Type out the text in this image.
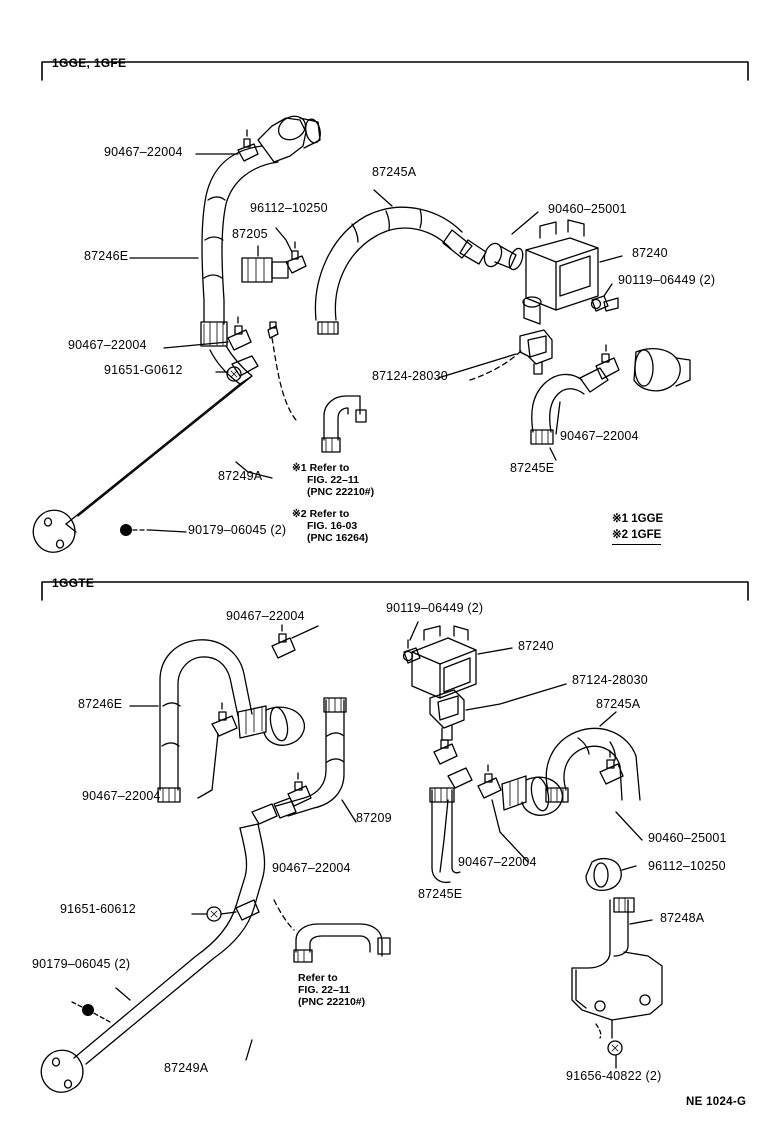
1GGE, 1GFE
1GGTE
90467–22004
87246E
96112–10250
87205
87245A
90460–25001
87240
90119–06449 (2)
90467–22004
91651-G0612	87124-28030
90467–22004
87245E
87249A
90179–06045 (2)
※1 Refer to
FIG. 22–11
(PNC 22210#)
※2 Refer to
FIG. 16-03
(PNC 16264)
※1 1GGE
※2 1GFE
90467–22004
90119–06449 (2)
87240
87246E
87124-28030
87245A
90467–22004
87209
90460–25001
90467–22004	96112–10250
90467–22004
87245E
87248A
91651-60612
90179–06045 (2)
87249A
91656-40822 (2)
Refer to
FIG. 22–11
(PNC 22210#)
NE 1024-G
